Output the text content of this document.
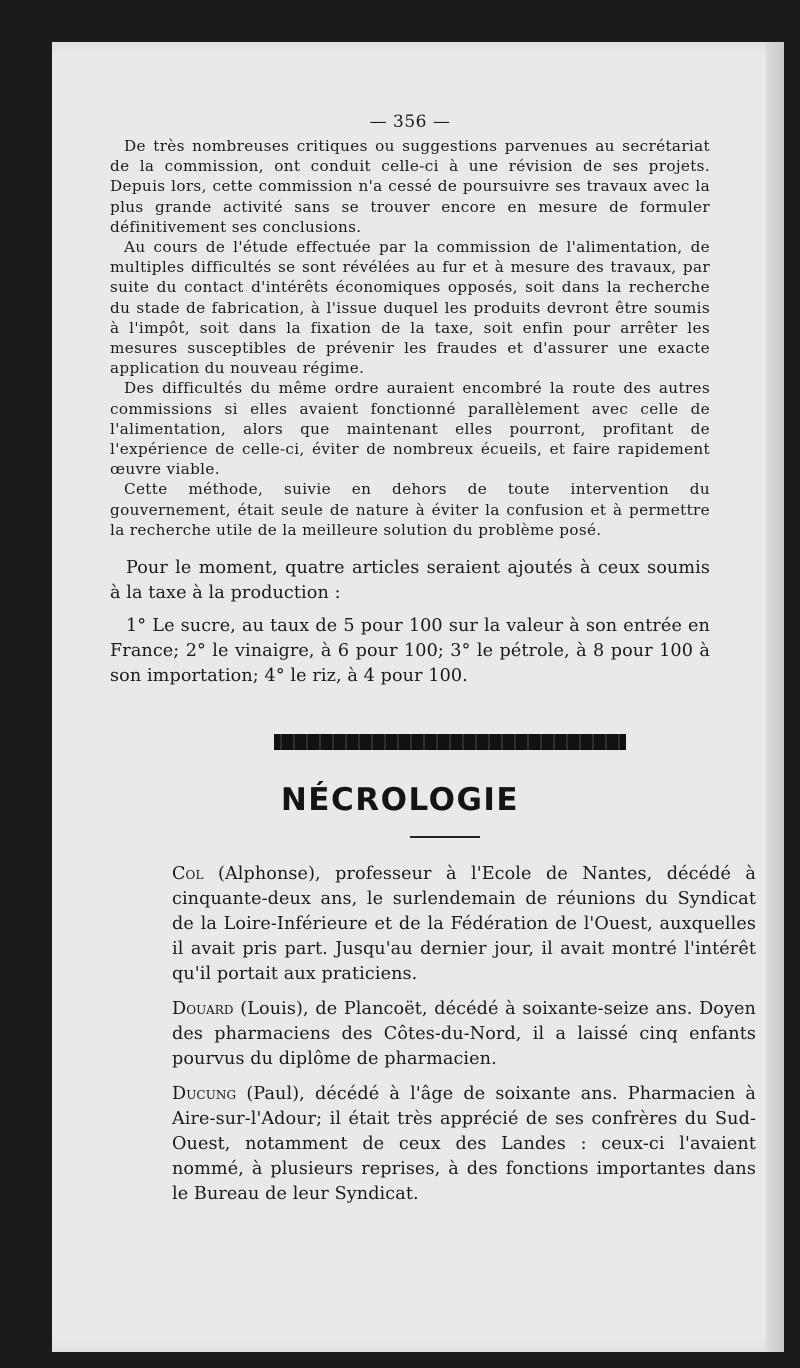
— 356 —

De très nombreuses critiques ou suggestions parvenues au secrétariat de la commission, ont conduit celle-ci à une révision de ses projets. Depuis lors, cette commission n'a cessé de poursuivre ses travaux avec la plus grande activité sans se trouver encore en mesure de formuler définitivement ses conclusions.

Au cours de l'étude effectuée par la commission de l'alimentation, de multiples difficultés se sont révélées au fur et à mesure des travaux, par suite du contact d'intérêts économiques opposés, soit dans la recherche du stade de fabrication, à l'issue duquel les produits devront être soumis à l'impôt, soit dans la fixation de la taxe, soit enfin pour arrêter les mesures susceptibles de prévenir les fraudes et d'assurer une exacte application du nouveau régime.

Des difficultés du même ordre auraient encombré la route des autres commissions si elles avaient fonctionné parallèlement avec celle de l'alimentation, alors que maintenant elles pourront, profitant de l'expérience de celle-ci, éviter de nombreux écueils, et faire rapidement œuvre viable.

Cette méthode, suivie en dehors de toute intervention du gouvernement, était seule de nature à éviter la confusion et à permettre la recherche utile de la meilleure solution du problème posé.

Pour le moment, quatre articles seraient ajoutés à ceux soumis à la taxe à la production :

1° Le sucre, au taux de 5 pour 100 sur la valeur à son entrée en France; 2° le vinaigre, à 6 pour 100; 3° le pétrole, à 8 pour 100 à son importation; 4° le riz, à 4 pour 100.

NÉCROLOGIE

Col (Alphonse), professeur à l'Ecole de Nantes, décédé à cinquante-deux ans, le surlendemain de réunions du Syndicat de la Loire-Inférieure et de la Fédération de l'Ouest, auxquelles il avait pris part. Jusqu'au dernier jour, il avait montré l'intérêt qu'il portait aux praticiens.

Douard (Louis), de Plancoët, décédé à soixante-seize ans. Doyen des pharmaciens des Côtes-du-Nord, il a laissé cinq enfants pourvus du diplôme de pharmacien.

Ducung (Paul), décédé à l'âge de soixante ans. Pharmacien à Aire-sur-l'Adour; il était très apprécié de ses confrères du Sud-Ouest, notamment de ceux des Landes : ceux-ci l'avaient nommé, à plusieurs reprises, à des fonctions importantes dans le Bureau de leur Syndicat.
